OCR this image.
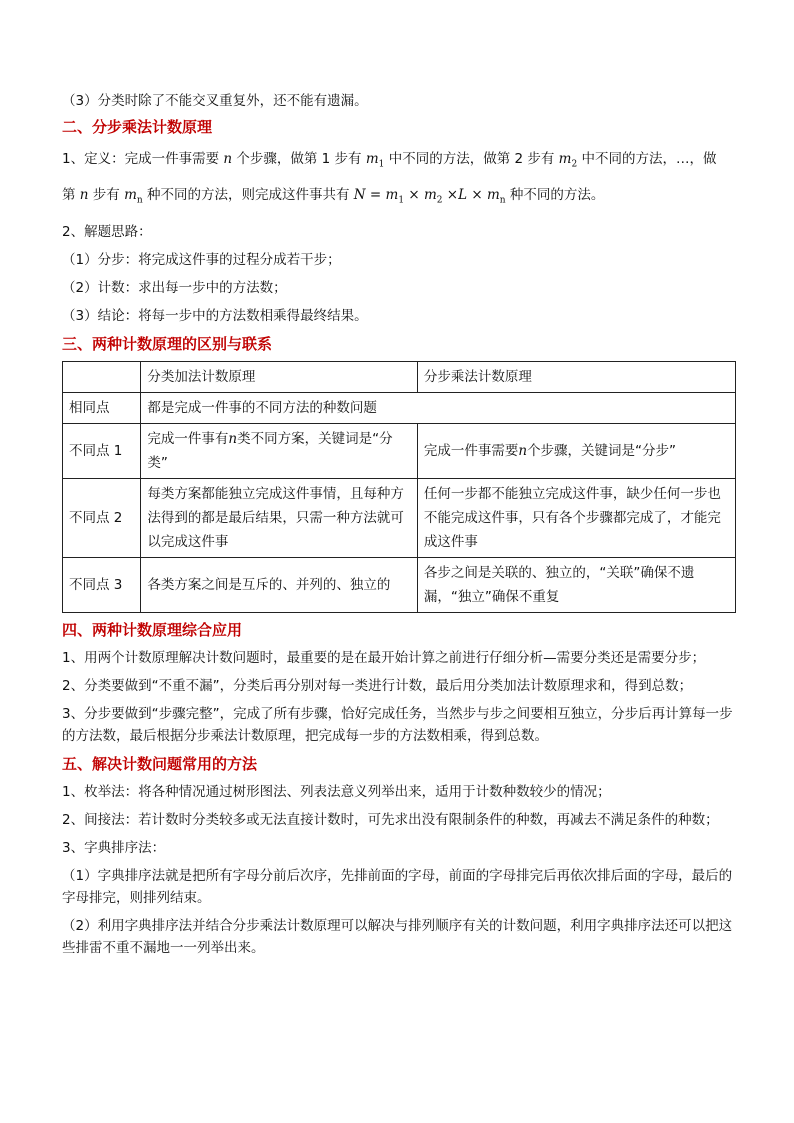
（3）分类时除了不能交叉重复外，还不能有遗漏。

二、分步乘法计数原理

1、定义：完成一件事需要 n 个步骤，做第 1 步有 $m_1$ 中不同的方法，做第 2 步有 $m_2$ 中不同的方法，…，做

第 n 步有 $m_n$ 种不同的方法，则完成这件事共有 $N = m_1 \times m_2 \times L \times m_n$ 种不同的方法。

2、解题思路：

（1）分步：将完成这件事的过程分成若干步；

（2）计数：求出每一步中的方法数；

（3）结论：将每一步中的方法数相乘得最终结果。

三、两种计数原理的区别与联系
	分类加法计数原理	分步乘法计数原理
相同点	都是完成一件事的不同方法的种数问题	
不同点 1	完成一件事有n类不同方案，关键词是“分类”	完成一件事需要n个步骤，关键词是“分步”
不同点 2	每类方案都能独立完成这件事情，且每种方法得到的都是最后结果，只需一种方法就可以完成这件事	任何一步都不能独立完成这件事，缺少任何一步也不能完成这件事，只有各个步骤都完成了，才能完成这件事
不同点 3	各类方案之间是互斥的、并列的、独立的	各步之间是关联的、独立的，“关联”确保不遗漏，“独立”确保不重复
四、两种计数原理综合应用

1、用两个计数原理解决计数问题时，最重要的是在最开始计算之前进行仔细分析—需要分类还是需要分步；

2、分类要做到“不重不漏”，分类后再分别对每一类进行计数，最后用分类加法计数原理求和，得到总数；

3、分步要做到“步骤完整”，完成了所有步骤，恰好完成任务，当然步与步之间要相互独立，分步后再计算每一步的方法数，最后根据分步乘法计数原理，把完成每一步的方法数相乘，得到总数。

五、解决计数问题常用的方法

1、枚举法：将各种情况通过树形图法、列表法意义列举出来，适用于计数种数较少的情况；

2、间接法：若计数时分类较多或无法直接计数时，可先求出没有限制条件的种数，再减去不满足条件的种数；

3、字典排序法：

（1）字典排序法就是把所有字母分前后次序，先排前面的字母，前面的字母排完后再依次排后面的字母，最后的字母排完，则排列结束。

（2）利用字典排序法并结合分步乘法计数原理可以解决与排列顺序有关的计数问题，利用字典排序法还可以把这些排雷不重不漏地一一列举出来。
